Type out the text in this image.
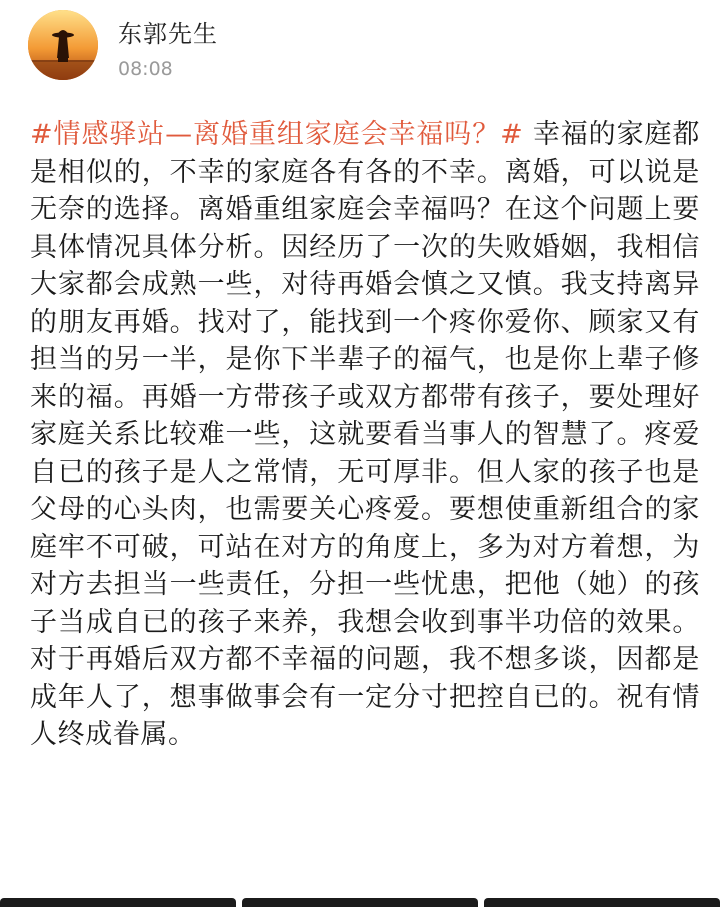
东郭先生
08:08
#情感驿站—离婚重组家庭会幸福吗？# 幸福的家庭都是相似的，不幸的家庭各有各的不幸。离婚，可以说是无奈的选择。离婚重组家庭会幸福吗？在这个问题上要具体情况具体分析。因经历了一次的失败婚姻，我相信大家都会成熟一些，对待再婚会慎之又慎。我支持离异的朋友再婚。找对了，能找到一个疼你爱你、顾家又有担当的另一半，是你下半辈子的福气，也是你上辈子修来的福。再婚一方带孩子或双方都带有孩子，要处理好家庭关系比较难一些，这就要看当事人的智慧了。疼爱自已的孩子是人之常情，无可厚非。但人家的孩子也是父母的心头肉，也需要关心疼爱。要想使重新组合的家庭牢不可破，可站在对方的角度上，多为对方着想，为对方去担当一些责任，分担一些忧患，把他（她）的孩子当成自已的孩子来养，我想会收到事半功倍的效果。对于再婚后双方都不幸福的问题，我不想多谈，因都是成年人了，想事做事会有一定分寸把控自已的。祝有情人终成眷属。
